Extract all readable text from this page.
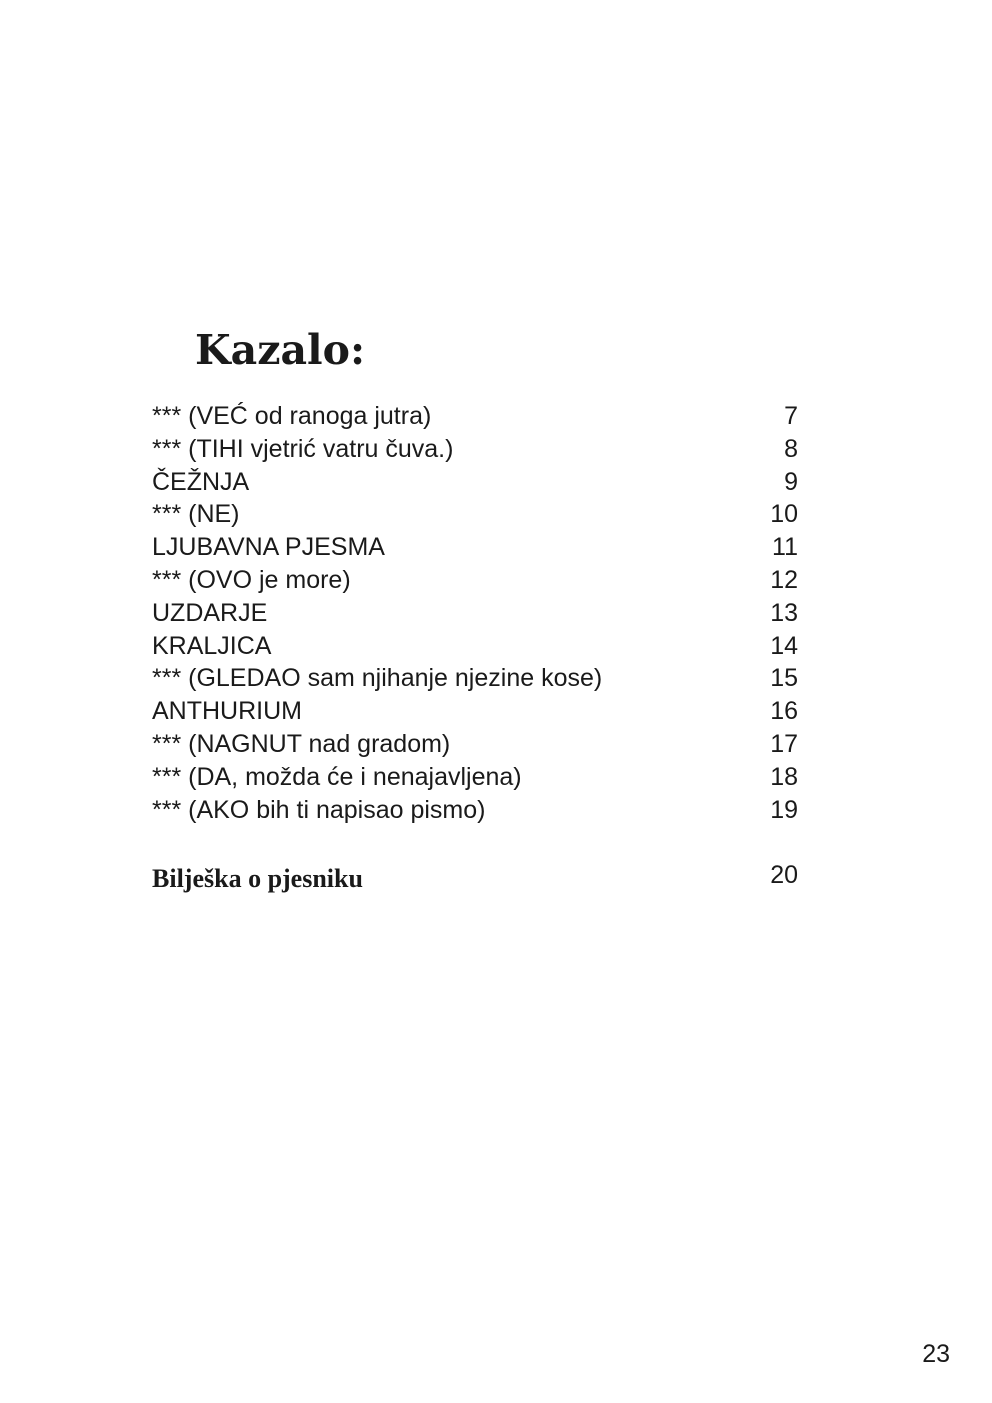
Kazalo:
*** (VEĆ od ranoga jutra)	7
*** (TIHI vjetrić vatru čuva.)	8
ČEŽNJA	9
*** (NE)	10
LJUBAVNA PJESMA	11
*** (OVO je more)	12
UZDARJE	13
KRALJICA	14
*** (GLEDAO sam njihanje njezine kose)	15
ANTHURIUM	16
*** (NAGNUT nad gradom)	17
*** (DA, možda će i nenajavljena)	18
*** (AKO bih ti napisao pismo)	19
Bilješka o pjesniku	20
23
